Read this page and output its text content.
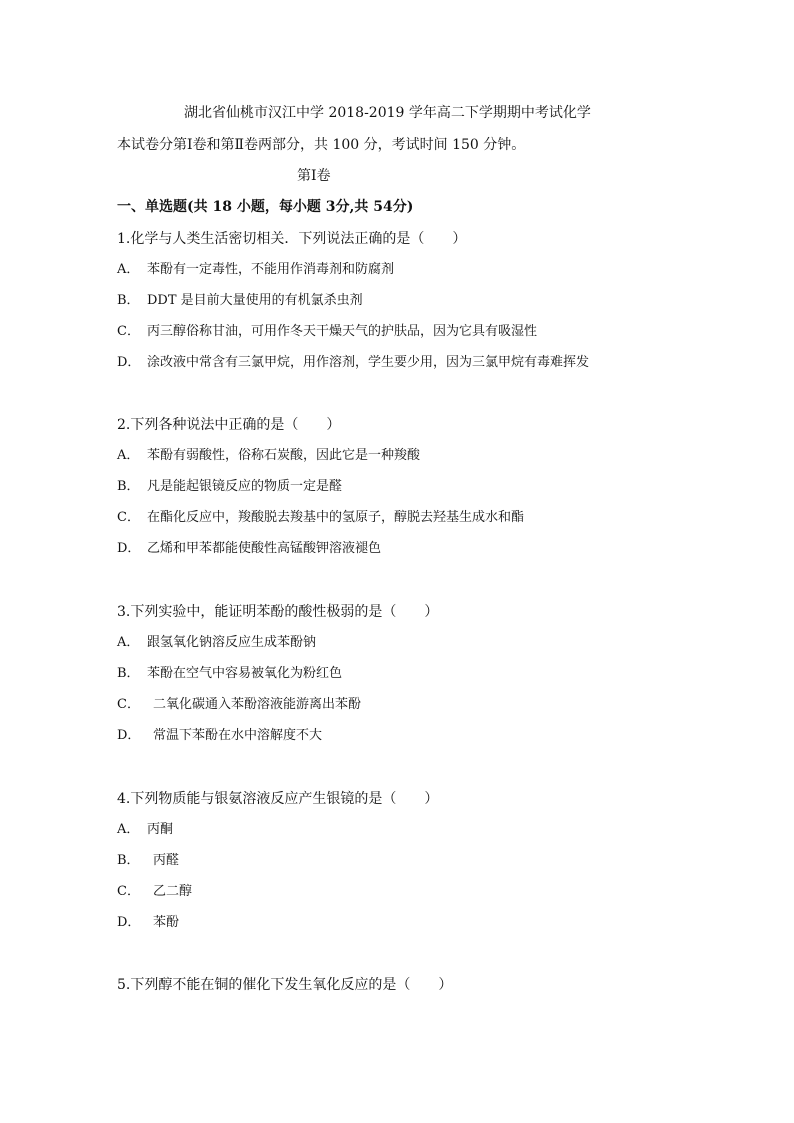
湖北省仙桃市汉江中学 2018-2019 学年高二下学期期中考试化学
本试卷分第Ⅰ卷和第Ⅱ卷两部分，共 100 分，考试时间 150 分钟。
第Ⅰ卷
一、单选题(共 18 小题，每小题 3分,共 54分)
1.化学与人类生活密切相关．下列说法正确的是（　　）
A． 苯酚有一定毒性，不能用作消毒剂和防腐剂
B． DDT 是目前大量使用的有机氯杀虫剂
C． 丙三醇俗称甘油，可用作冬天干燥天气的护肤品，因为它具有吸湿性
D． 涂改液中常含有三氯甲烷，用作溶剂，学生要少用，因为三氯甲烷有毒难挥发
2.下列各种说法中正确的是（　　）
A． 苯酚有弱酸性，俗称石炭酸，因此它是一种羧酸
B． 凡是能起银镜反应的物质一定是醛
C． 在酯化反应中，羧酸脱去羧基中的氢原子，醇脱去羟基生成水和酯
D． 乙烯和甲苯都能使酸性高锰酸钾溶液褪色
3.下列实验中，能证明苯酚的酸性极弱的是（　　）
A． 跟氢氧化钠溶反应生成苯酚钠
B． 苯酚在空气中容易被氧化为粉红色
C． 二氧化碳通入苯酚溶液能游离出苯酚
D． 常温下苯酚在水中溶解度不大
4.下列物质能与银氨溶液反应产生银镜的是（　　）
A． 丙酮
B． 丙醛
C． 乙二醇
D． 苯酚
5.下列醇不能在铜的催化下发生氧化反应的是（　　）
